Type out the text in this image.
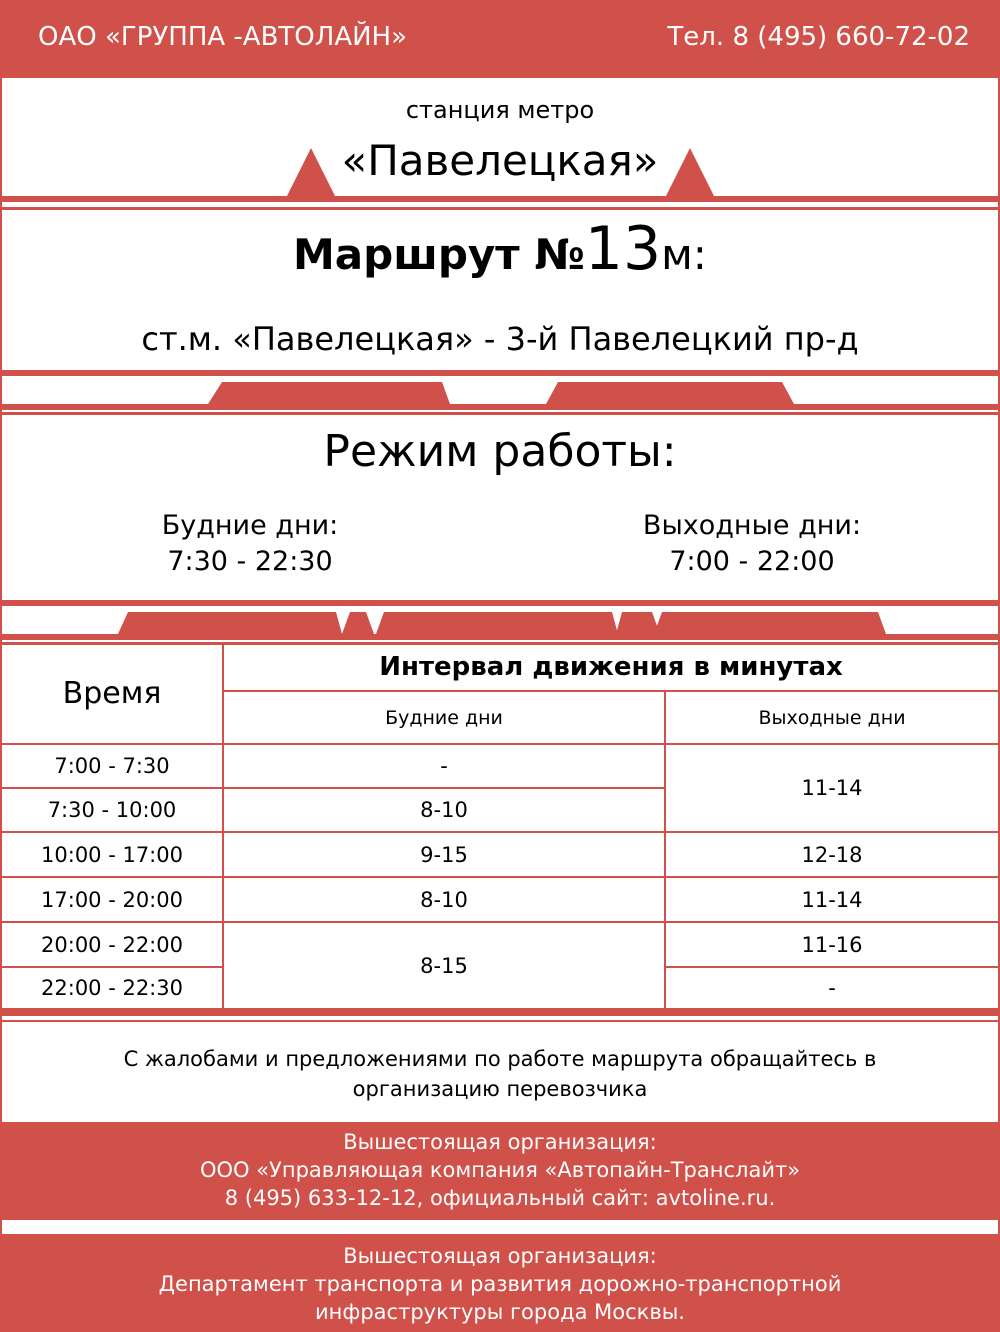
ОАО «ГРУППА -АВТОЛАЙН»	Тел. 8 (495) 660-72-02
станция метро
«Павелецкая»
Маршрут №13м:
ст.м. «Павелецкая» - 3-й Павелецкий пр-д
Режим работы:
Будние дни:
7:30 - 22:30
Выходные дни:
7:00 - 22:00
Время	Интервал движения в минутах	
	Будние дни	Выходные дни
7:00 - 7:30	-	11-14
7:30 - 10:00	8-10	
10:00 - 17:00	9-15	12-18
17:00 - 20:00	8-10	11-14
20:00 - 22:00	8-15	11-16
22:00 - 22:30		-
С жалобами и предложениями по работе маршрута обращайтесь в
организацию перевозчика
Вышестоящая организация:
ООО «Управляющая компания «Автопайн-Транслайт»
8 (495) 633-12-12, официальный сайт: avtoline.ru.
Вышестоящая организация:
Департамент транспорта и развития дорожно-транспортной
инфраструктуры города Москвы.
